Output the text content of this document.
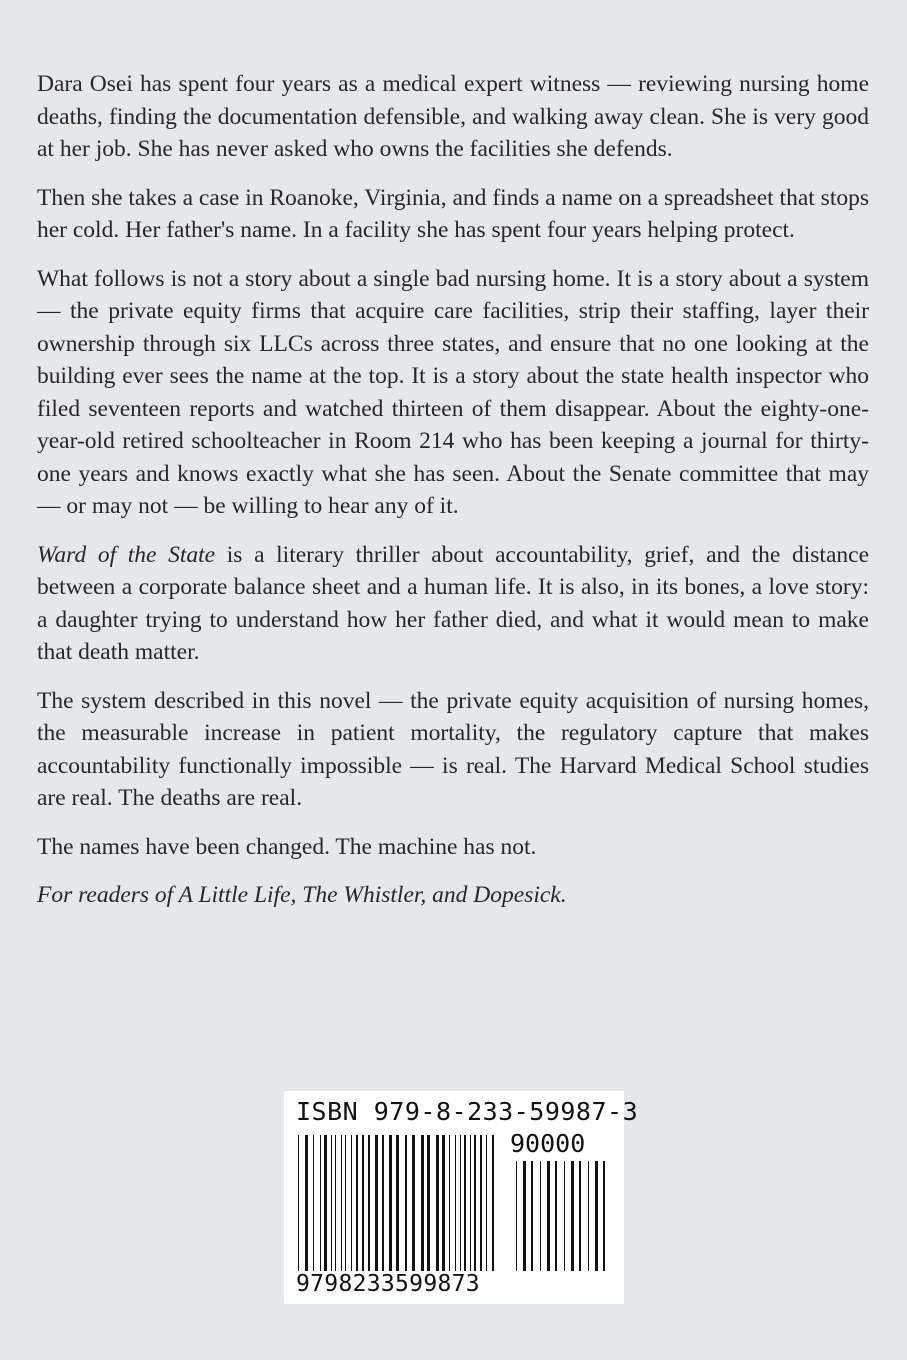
Dara Osei has spent four years as a medical expert witness — reviewing nursing home deaths, finding the documentation defensible, and walking away clean. She is very good at her job. She has never asked who owns the facilities she defends.

Then she takes a case in Roanoke, Virginia, and finds a name on a spreadsheet that stops her cold. Her father's name. In a facility she has spent four years helping protect.

What follows is not a story about a single bad nursing home. It is a story about a system — the private equity firms that acquire care facilities, strip their staffing, layer their ownership through six LLCs across three states, and ensure that no one looking at the building ever sees the name at the top. It is a story about the state health inspector who filed seventeen reports and watched thirteen of them disappear. About the eighty-one-year-old retired schoolteacher in Room 214 who has been keeping a journal for thirty-one years and knows exactly what she has seen. About the Senate committee that may — or may not — be willing to hear any of it.

Ward of the State is a literary thriller about accountability, grief, and the distance between a corporate balance sheet and a human life. It is also, in its bones, a love story: a daughter trying to understand how her father died, and what it would mean to make that death matter.

The system described in this novel — the private equity acquisition of nursing homes, the measurable increase in patient mortality, the regulatory capture that makes accountability functionally impossible — is real. The Harvard Medical School studies are real. The deaths are real.

The names have been changed. The machine has not.

For readers of A Little Life, The Whistler, and Dopesick.

ISBN 979-8-233-59987-3
90000
9798233599873
